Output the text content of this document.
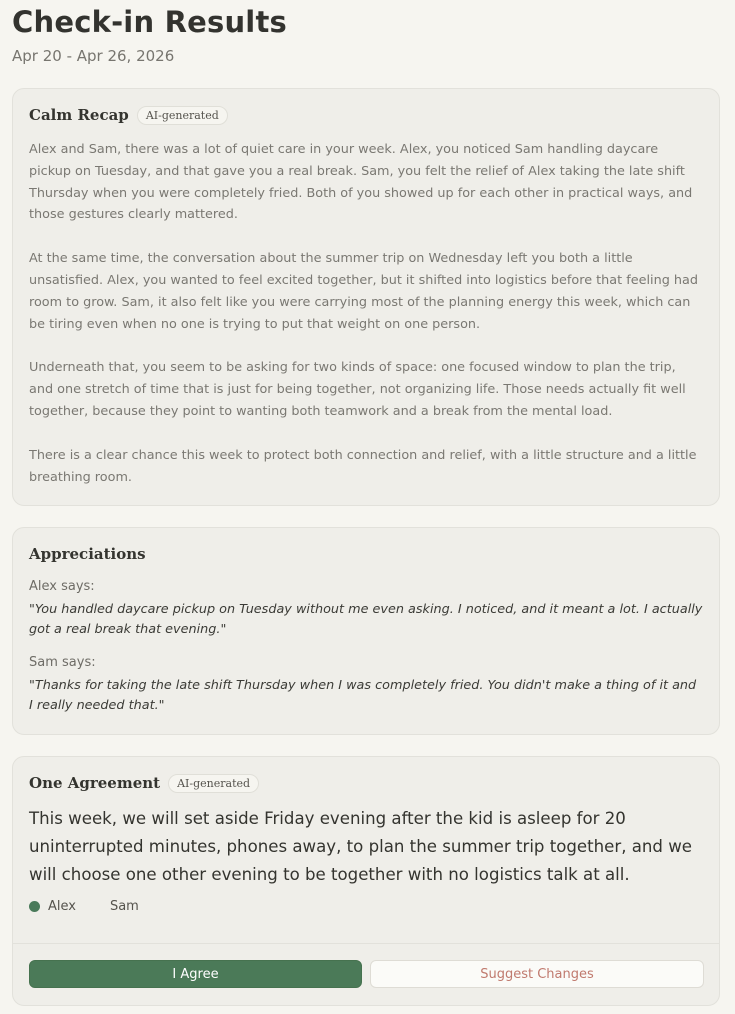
Check-in Results
Apr 20 - Apr 26, 2026
Calm Recap	AI-generated

Alex and Sam, there was a lot of quiet care in your week. Alex, you noticed Sam handling daycare pickup on Tuesday, and that gave you a real break. Sam, you felt the relief of Alex taking the late shift Thursday when you were completely fried. Both of you showed up for each other in practical ways, and those gestures clearly mattered.

At the same time, the conversation about the summer trip on Wednesday left you both a little unsatisfied. Alex, you wanted to feel excited together, but it shifted into logistics before that feeling had room to grow. Sam, it also felt like you were carrying most of the planning energy this week, which can be tiring even when no one is trying to put that weight on one person.

Underneath that, you seem to be asking for two kinds of space: one focused window to plan the trip, and one stretch of time that is just for being together, not organizing life. Those needs actually fit well together, because they point to wanting both teamwork and a break from the mental load.

There is a clear chance this week to protect both connection and relief, with a little structure and a little breathing room.

Appreciations
Alex says:
"You handled daycare pickup on Tuesday without me even asking. I noticed, and it meant a lot. I actually got a real break that evening."
Sam says:
"Thanks for taking the late shift Thursday when I was completely fried. You didn't make a thing of it and I really needed that."
One Agreement	AI-generated
This week, we will set aside Friday evening after the kid is asleep for 20 uninterrupted minutes, phones away, to plan the summer trip together, and we will choose one other evening to be together with no logistics talk at all.
Alex	Sam
I Agree	Suggest Changes
